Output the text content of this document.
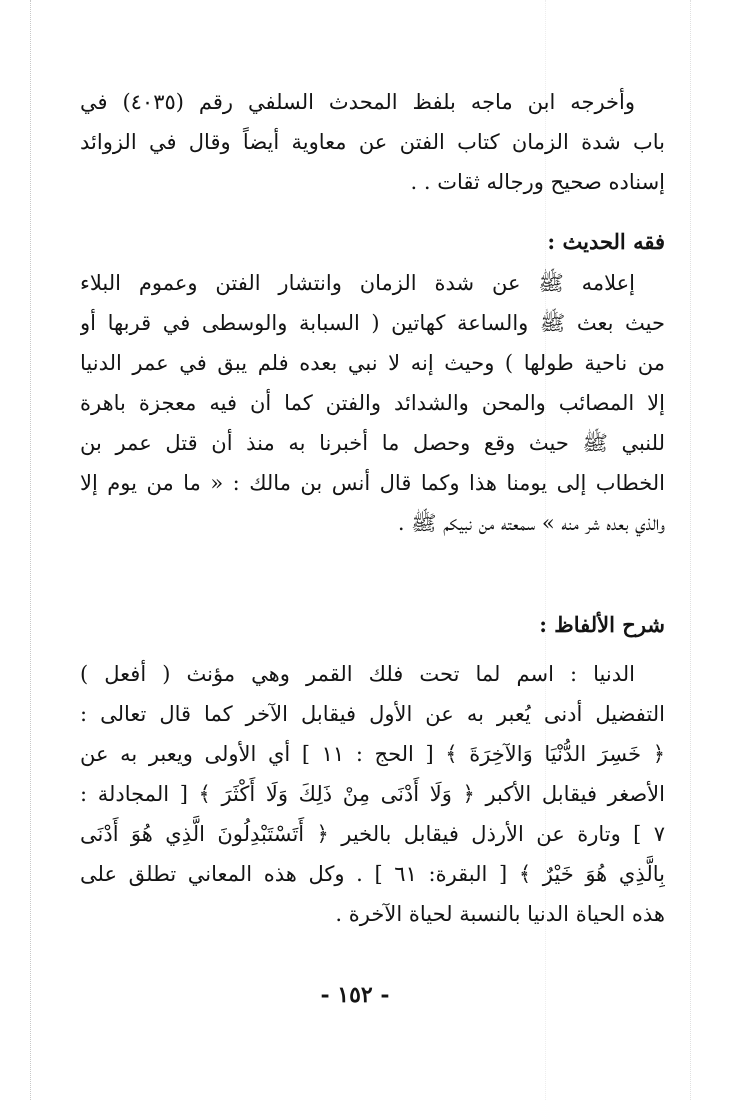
وأخرجه ابن ماجه بلفظ المحدث السلفي رقم (٤٠٣٥) في
باب شدة الزمان كتاب الفتن عن معاوية أيضاً وقال في الزوائد
إسناده صحيح ورجاله ثقات . .
فقه الحديث :
إعلامه ﷺ عن شدة الزمان وانتشار الفتن وعموم البلاء
حيث بعث ﷺ والساعة كهاتين ( السبابة والوسطى في قربها أو
من ناحية طولها ) وحيث إنه لا نبي بعده فلم يبق في عمر الدنيا
إلا المصائب والمحن والشدائد والفتن كما أن فيه معجزة باهرة
للنبي ﷺ حيث وقع وحصل ما أخبرنا به منذ أن قتل عمر بن
الخطاب إلى يومنا هذا وكما قال أنس بن مالك : « ما من يوم إلا
والذي بعده شر منه » سمعته من نبيكم ﷺ .
شرح الألفاظ :
الدنيا : اسم لما تحت فلك القمر وهي مؤنث ( أفعل )
التفضيل أدنى يُعبر به عن الأول فيقابل الآخر كما قال تعالى :
﴿ خَسِرَ الدُّنْيَا وَالآخِرَةَ ﴾ [ الحج : ١١ ] أي الأولى ويعبر به عن
الأصغر فيقابل الأكبر ﴿ وَلَا أَدْنَى مِنْ ذَلِكَ وَلَا أَكْثَرَ ﴾ [ المجادلة :
٧ ] وتارة عن الأرذل فيقابل بالخير ﴿ أَتَسْتَبْدِلُونَ الَّذِي هُوَ أَدْنَى
بِالَّذِي هُوَ خَيْرٌ ﴾ [ البقرة: ٦١ ] . وكل هذه المعاني تطلق على
هذه الحياة الدنيا بالنسبة لحياة الآخرة .
- ١٥٢ -
